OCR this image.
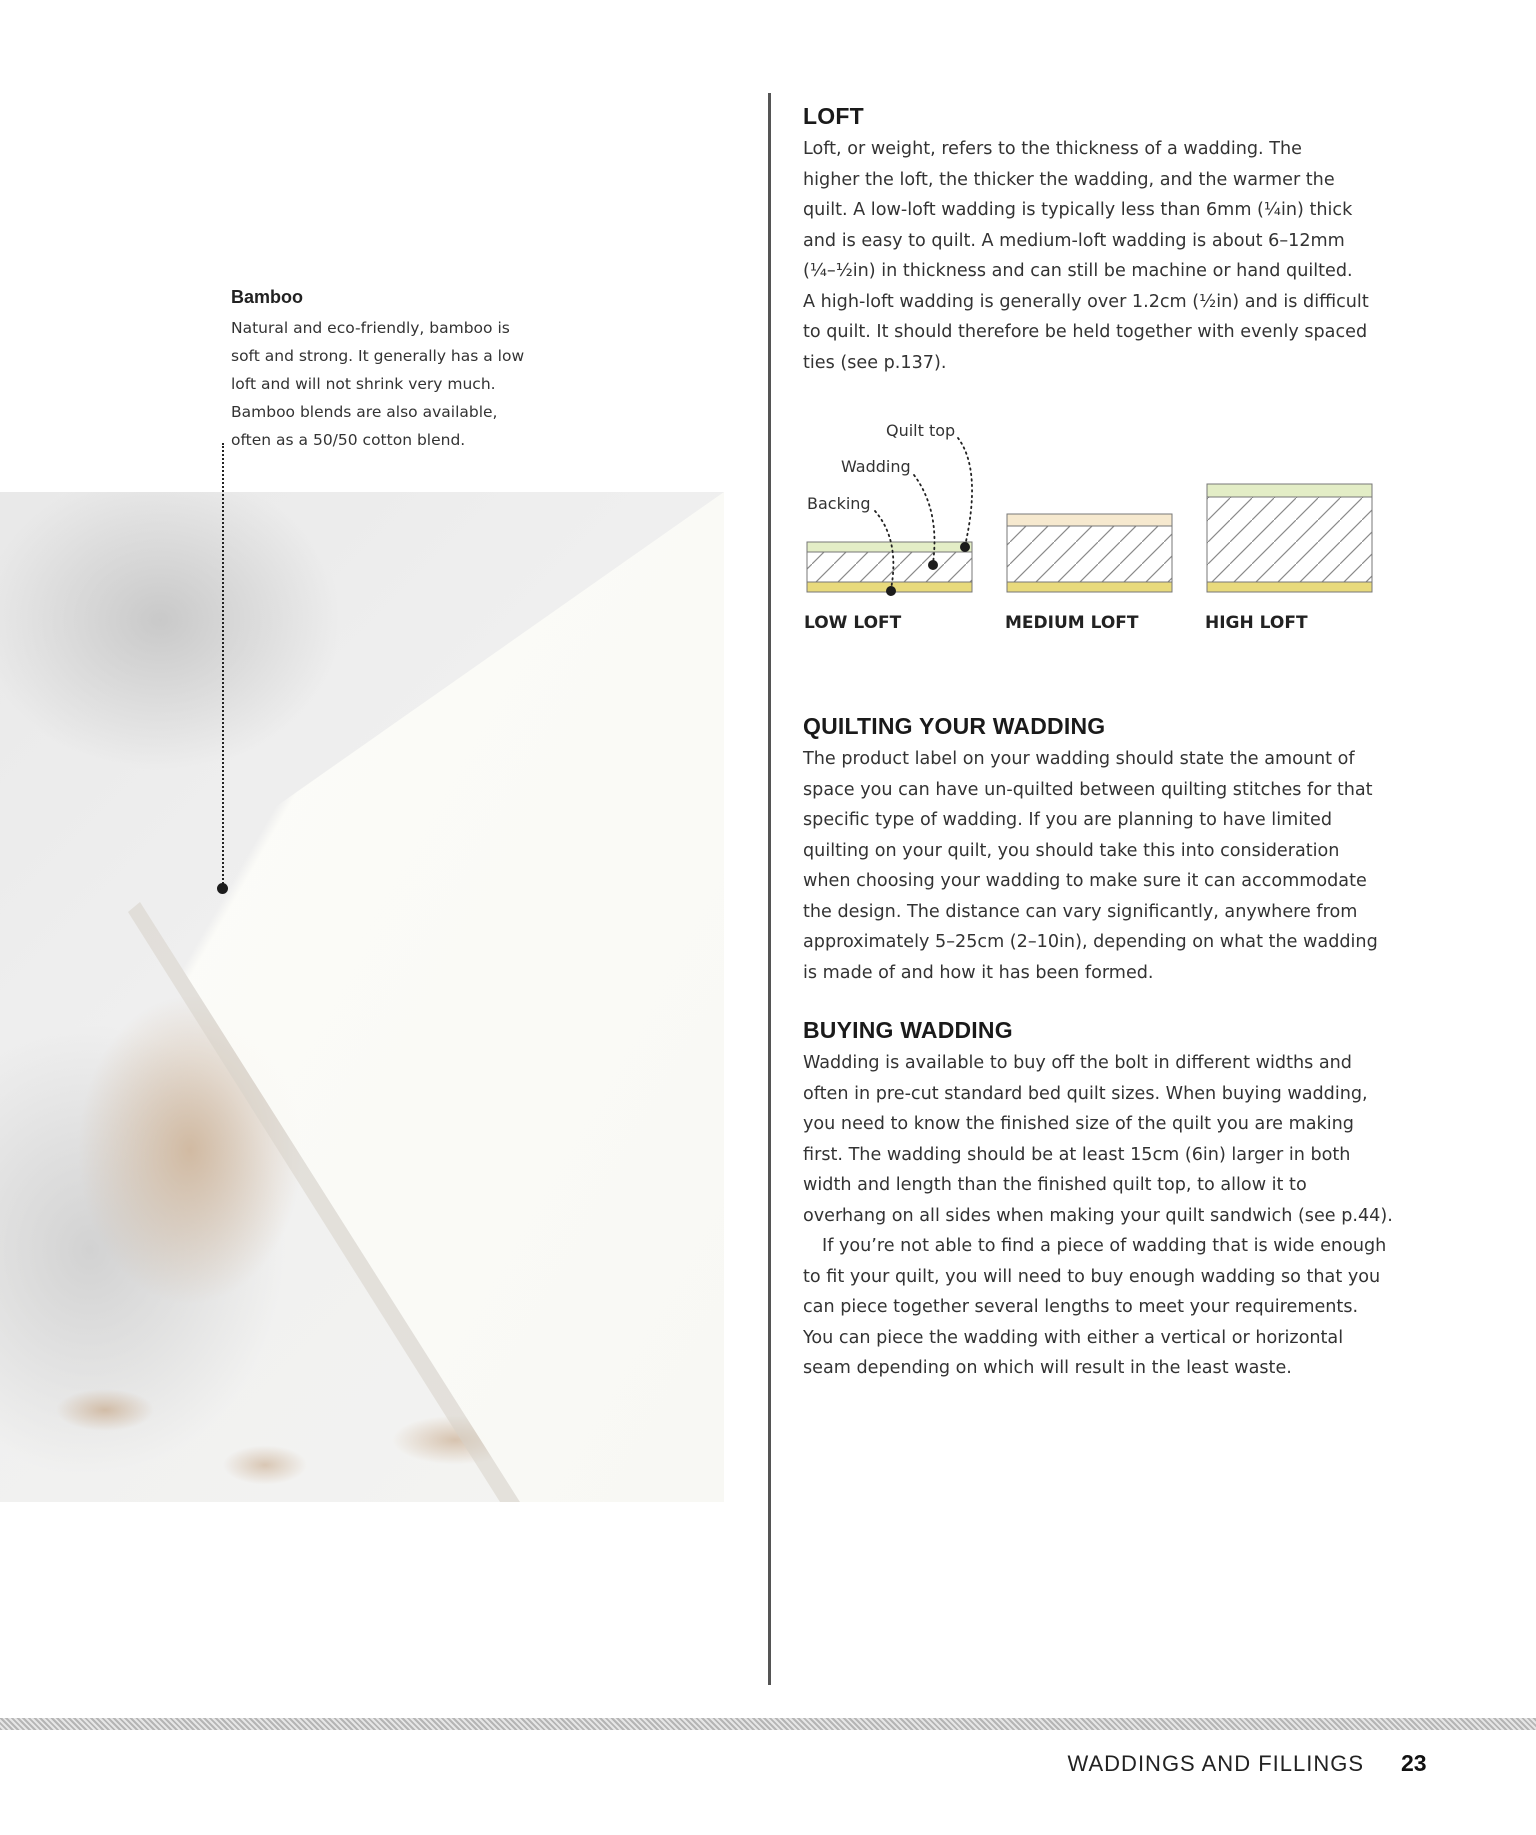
Bamboo

Natural and eco-friendly, bamboo is
soft and strong. It generally has a low
loft and will not shrink very much.
Bamboo blends are also available,
often as a 50/50 cotton blend.

LOFT

Loft, or weight, refers to the thickness of a wadding. The
higher the loft, the thicker the wadding, and the warmer the
quilt. A low-loft wadding is typically less than 6mm (¼in) thick
and is easy to quilt. A medium-loft wadding is about 6–12mm
(¼–½in) in thickness and can still be machine or hand quilted.
A high-loft wadding is generally over 1.2cm (½in) and is difficult
to quilt. It should therefore be held together with evenly spaced
ties (see p.137).

Quilt top
Wadding
Backing
LOW LOFT	MEDIUM LOFT	HIGH LOFT
QUILTING YOUR WADDING

The product label on your wadding should state the amount of
space you can have un-quilted between quilting stitches for that
specific type of wadding. If you are planning to have limited
quilting on your quilt, you should take this into consideration
when choosing your wadding to make sure it can accommodate
the design. The distance can vary significantly, anywhere from
approximately 5–25cm (2–10in), depending on what the wadding
is made of and how it has been formed.

BUYING WADDING

Wadding is available to buy off the bolt in different widths and
often in pre-cut standard bed quilt sizes. When buying wadding,
you need to know the finished size of the quilt you are making
first. The wadding should be at least 15cm (6in) larger in both
width and length than the finished quilt top, to allow it to
overhang on all sides when making your quilt sandwich (see p.44).

If you’re not able to find a piece of wadding that is wide enough
to fit your quilt, you will need to buy enough wadding so that you
can piece together several lengths to meet your requirements.
You can piece the wadding with either a vertical or horizontal
seam depending on which will result in the least waste.

WADDINGS AND FILLINGS 23
